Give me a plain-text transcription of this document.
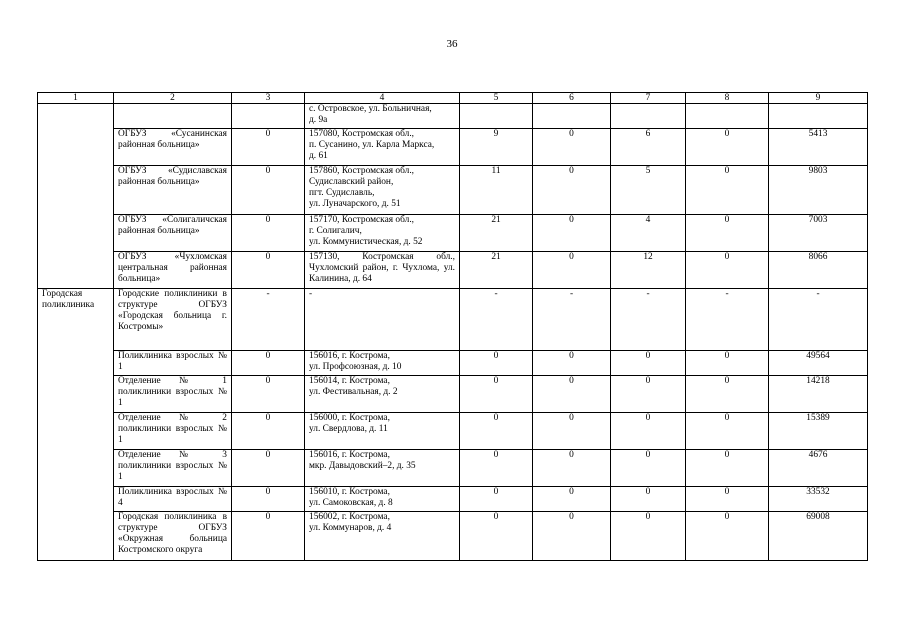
36
1	2	3	4	5	6	7	8	9
			с. Островское, ул. Больничная,
д. 9а					
	ОГБУЗ «Сусанинская районная больница»	0	157080, Костромская обл.,
п. Сусанино, ул. Карла Маркса,
д. 61	9	0	6	0	5413
	ОГБУЗ «Судиславская районная больница»	0	157860, Костромская обл.,
Судиславский район,
пгт. Судиславль,
ул. Луначарского, д. 51	11	0	5	0	9803
	ОГБУЗ «Солигаличская районная больница»	0	157170, Костромская обл.,
г. Солигалич,
ул. Коммунистическая, д. 52	21	0	4	0	7003
	ОГБУЗ «Чухломская центральная районная больница»	0	157130, Костромская обл., Чухломский район, г. Чухлома, ул. Калинина, д. 64	21	0	12	0	8066
Городская поликлиника	Городские поликлиники в структуре ОГБУЗ «Городская больница г. Костромы»	-	-	-	-	-	-	-
	Поликлиника взрослых № 1	0	156016, г. Кострома,
ул. Профсоюзная, д. 10	0	0	0	0	49564
	Отделение № 1 поликлиники взрослых № 1	0	156014, г. Кострома,
ул. Фестивальная, д. 2	0	0	0	0	14218
	Отделение № 2 поликлиники взрослых № 1	0	156000, г. Кострома,
ул. Свердлова, д. 11	0	0	0	0	15389
	Отделение № 3 поликлиники взрослых № 1	0	156016, г. Кострома,
мкр. Давыдовский–2, д. 35	0	0	0	0	4676
	Поликлиника взрослых № 4	0	156010, г. Кострома,
ул. Самоковская, д. 8	0	0	0	0	33532
	Городская поликлиника в структуре ОГБУЗ «Окружная больница Костромского округа	0	156002, г. Кострома,
ул. Коммунаров, д. 4	0	0	0	0	69008
